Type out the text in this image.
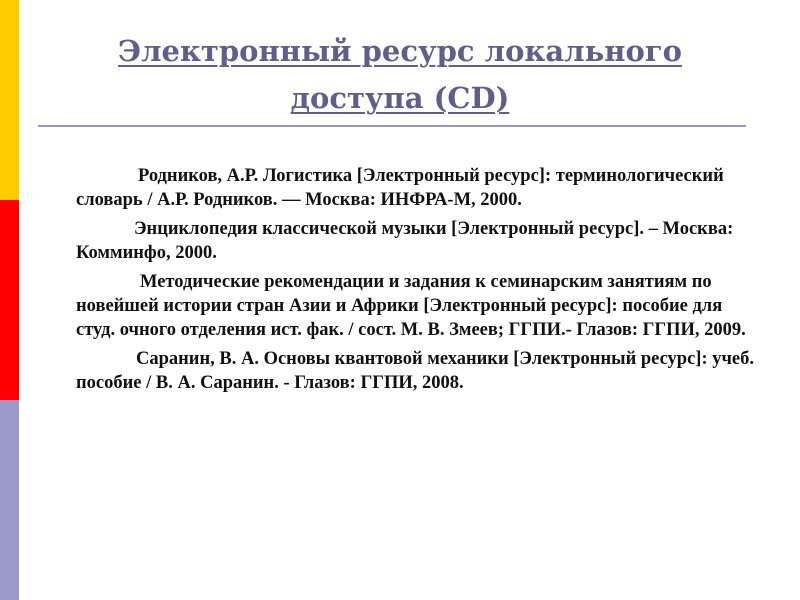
Электронный ресурс локального
доступа (CD)

Родников, А.Р. Логистика [Электронный ресурс]: терминологический словарь / А.Р. Родников. — Москва: ИНФРА-М, 2000.

Энциклопедия классической музыки [Электронный ресурс]. – Москва: Комминфо, 2000.

Методические рекомендации и задания к семинарским занятиям по новейшей истории стран Азии и Африки [Электронный ресурс]: пособие для студ. очного отделения ист. фак. / сост. М. В. Змеев; ГГПИ.- Глазов: ГГПИ, 2009.

Саранин, В. А. Основы квантовой механики [Электронный ресурс]: учеб. пособие / В. А. Саранин. - Глазов: ГГПИ, 2008.
